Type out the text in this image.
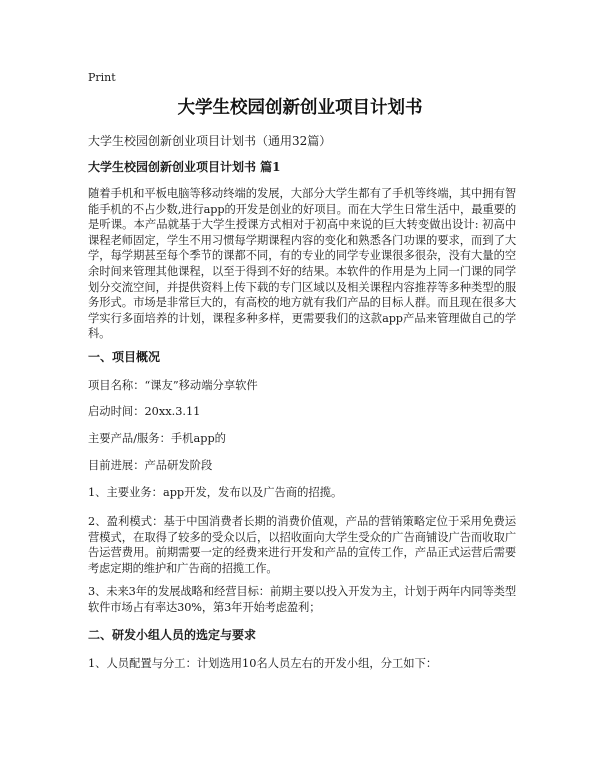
Print
大学生校园创新创业项目计划书

大学生校园创新创业项目计划书（通用32篇）

大学生校园创新创业项目计划书 篇1

随着手机和平板电脑等移动终端的发展，大部分大学生都有了手机等终端，其中拥有智能手机的不占少数,进行app的开发是创业的好项目。而在大学生日常生活中，最重要的是听课。本产品就基于大学生授课方式相对于初高中来说的巨大转变做出设计: 初高中课程老师固定，学生不用习惯每学期课程内容的变化和熟悉各门功课的要求，而到了大学，每学期甚至每个季节的课都不同，有的专业的同学专业课很多很杂，没有大量的空余时间来管理其他课程，以至于得到不好的结果。本软件的作用是为上同一门课的同学划分交流空间，并提供资料上传下载的专门区域以及相关课程内容推荐等多种类型的服务形式。市场是非常巨大的，有高校的地方就有我们产品的目标人群。而且现在很多大学实行多面培养的计划，课程多种多样，更需要我们的这款app产品来管理做自己的学科。

一、项目概况

项目名称：“课友”移动端分享软件

启动时间：20xx.3.11

主要产品/服务：手机app的

目前进展：产品研发阶段

1、主要业务：app开发，发布以及广告商的招揽。

2、盈利模式：基于中国消费者长期的消费价值观，产品的营销策略定位于采用免费运营模式，在取得了较多的受众以后，以招收面向大学生受众的广告商铺设广告而收取广告运营费用。前期需要一定的经费来进行开发和产品的宣传工作，产品正式运营后需要考虑定期的维护和广告商的招揽工作。

3、未来3年的发展战略和经营目标：前期主要以投入开发为主，计划于两年内同等类型软件市场占有率达30%，第3年开始考虑盈利；

二、研发小组人员的选定与要求

1、人员配置与分工：计划选用10名人员左右的开发小组，分工如下：
